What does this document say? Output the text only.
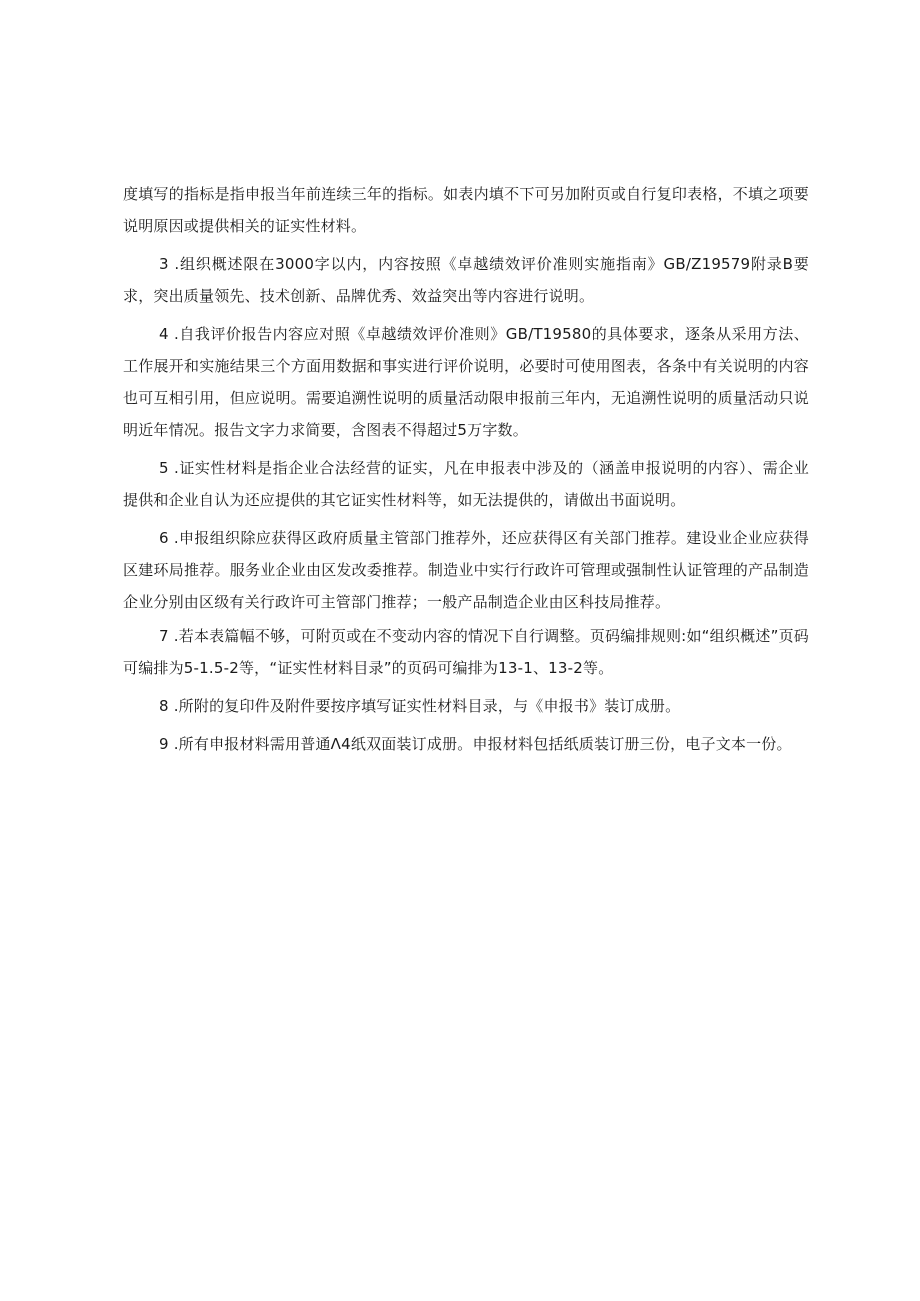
度填写的指标是指申报当年前连续三年的指标。如表内填不下可另加附页或自行复印表格，不填之项要说明原因或提供相关的证实性材料。

3 .组织概述限在3000字以内，内容按照《卓越绩效评价准则实施指南》GB/Z19579附录B要求，突出质量领先、技术创新、品牌优秀、效益突出等内容进行说明。

4 .自我评价报告内容应对照《卓越绩效评价准则》GB/T19580的具体要求，逐条从采用方法、工作展开和实施结果三个方面用数据和事实进行评价说明，必要时可使用图表，各条中有关说明的内容也可互相引用，但应说明。需要追溯性说明的质量活动限申报前三年内，无追溯性说明的质量活动只说明近年情况。报告文字力求简要，含图表不得超过5万字数。

5 .证实性材料是指企业合法经营的证实，凡在申报表中涉及的（涵盖申报说明的内容）、需企业提供和企业自认为还应提供的其它证实性材料等，如无法提供的，请做出书面说明。

6 .申报组织除应获得区政府质量主管部门推荐外，还应获得区有关部门推荐。建设业企业应获得区建环局推荐。服务业企业由区发改委推荐。制造业中实行行政许可管理或强制性认证管理的产品制造企业分别由区级有关行政许可主管部门推荐；一般产品制造企业由区科技局推荐。

7 .若本表篇幅不够，可附页或在不变动内容的情况下自行调整。页码编排规则:如“组织概述”页码可编排为5-1.5-2等，“证实性材料目录”的页码可编排为13-1、13-2等。

8 .所附的复印件及附件要按序填写证实性材料目录，与《申报书》装订成册。

9 .所有申报材料需用普通Λ4纸双面装订成册。申报材料包括纸质装订册三份，电子文本一份。
